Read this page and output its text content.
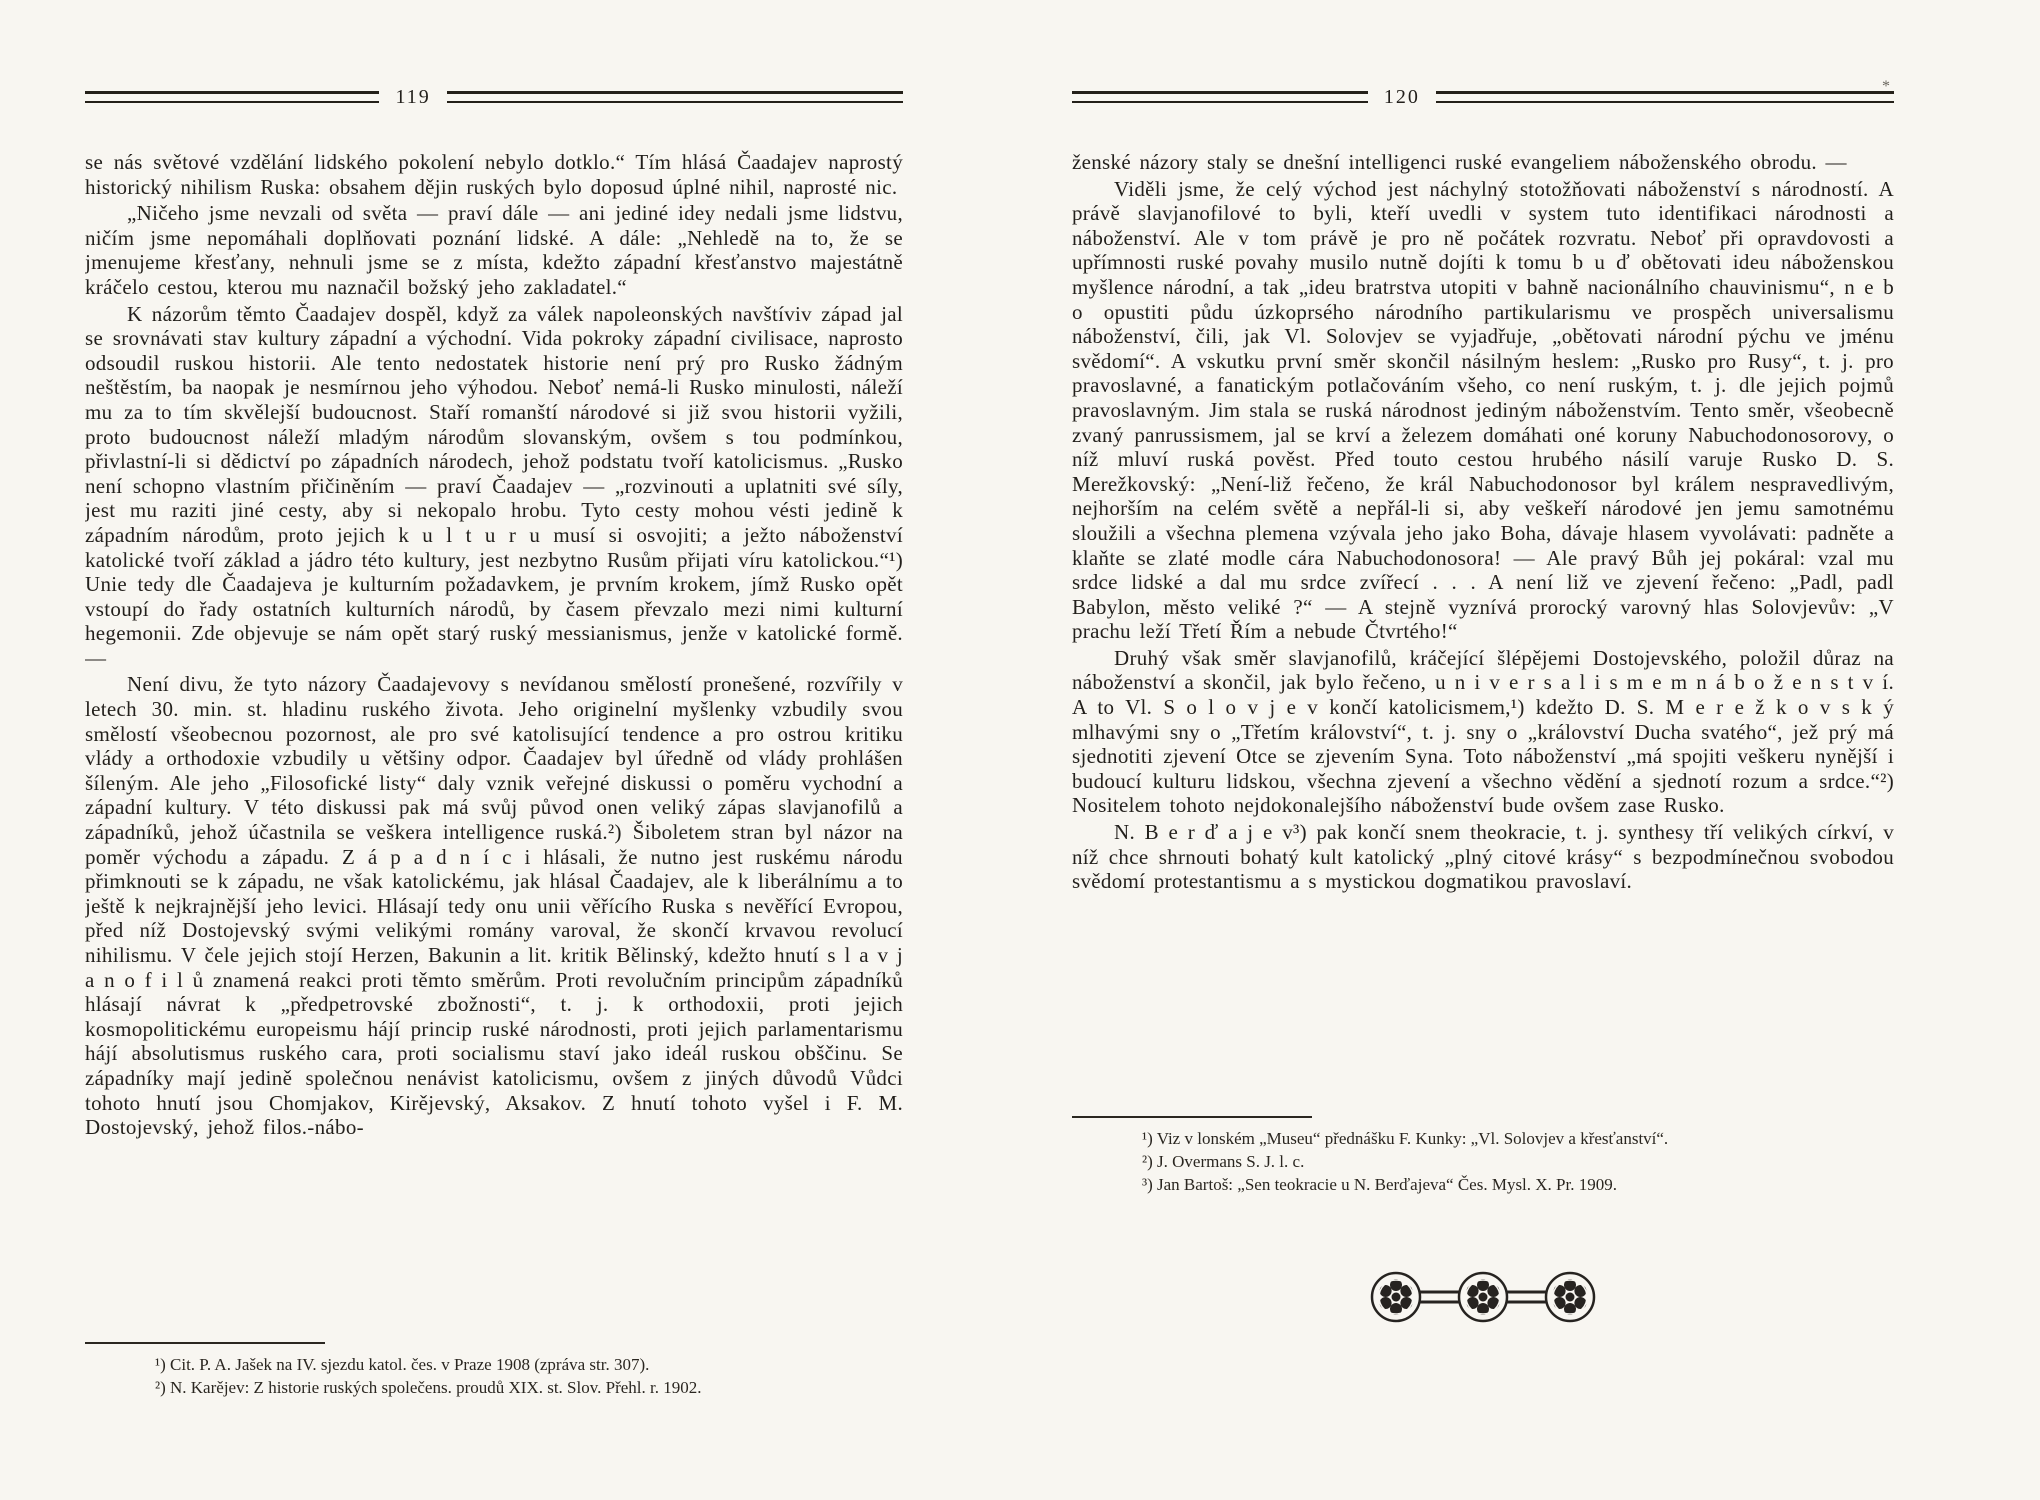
119

se nás světové vzdělání lidského pokolení nebylo dotklo.“ Tím hlásá Čaadajev naprostý historický nihilism Ruska: obsahem dějin ruských bylo doposud úplné nihil, naprosté nic.

„Ničeho jsme nevzali od světa — praví dále — ani jediné idey nedali jsme lidstvu, ničím jsme nepomáhali doplňovati poznání lidské. A dále: „Nehledě na to, že se jmenujeme křesťany, nehnuli jsme se z místa, kdežto západní křesťanstvo majestátně kráčelo cestou, kterou mu naznačil božský jeho zakladatel.“

K názorům těmto Čaadajev dospěl, když za válek napoleonských navštíviv západ jal se srovnávati stav kultury západní a východní. Vida pokroky západní civilisace, naprosto odsoudil ruskou historii. Ale tento nedostatek historie není prý pro Rusko žádným neštěstím, ba naopak je nesmírnou jeho výhodou. Neboť nemá-li Rusko minulosti, náleží mu za to tím skvělejší budoucnost. Staří romanští národové si již svou historii vyžili, proto budoucnost náleží mladým národům slovanským, ovšem s tou podmínkou, přivlastní-li si dědictví po západních národech, jehož podstatu tvoří katolicismus. „Rusko není schopno vlastním přičiněním — praví Čaadajev — „rozvinouti a uplatniti své síly, jest mu raziti jiné cesty, aby si nekopalo hrobu. Tyto cesty mohou vésti jedině k západním národům, proto jejich k u l t u r u musí si osvojiti; a ježto náboženství katolické tvoří základ a jádro této kultury, jest nezbytno Rusům přijati víru katolickou.“¹) Unie tedy dle Čaadajeva je kulturním požadavkem, je prvním krokem, jímž Rusko opět vstoupí do řady ostatních kulturních národů, by časem převzalo mezi nimi kulturní hegemonii. Zde objevuje se nám opět starý ruský messianismus, jenže v katolické formě. —

Není divu, že tyto názory Čaadajevovy s nevídanou smělostí pronešené, rozvířily v letech 30. min. st. hladinu ruského života. Jeho originelní myšlenky vzbudily svou smělostí všeobecnou pozornost, ale pro své katolisující tendence a pro ostrou kritiku vlády a orthodoxie vzbudily u většiny odpor. Čaadajev byl úředně od vlády prohlášen šíleným. Ale jeho „Filosofické listy“ daly vznik veřejné diskussi o poměru vychodní a západní kultury. V této diskussi pak má svůj původ onen veliký zápas slavjanofilů a západníků, jehož účastnila se veškera intelligence ruská.²) Šiboletem stran byl názor na poměr východu a západu. Z á p a d n í c i hlásali, že nutno jest ruskému národu přimknouti se k západu, ne však katolickému, jak hlásal Čaadajev, ale k liberálnímu a to ještě k nejkrajnější jeho levici. Hlásají tedy onu unii věřícího Ruska s nevěřící Evropou, před níž Dostojevský svými velikými romány varoval, že skončí krvavou revolucí nihilismu. V čele jejich stojí Herzen, Bakunin a lit. kritik Bělinský, kdežto hnutí s l a v j a n o f i l ů znamená reakci proti těmto směrům. Proti revolučním principům západníků hlásají návrat k „předpetrovské zbožnosti“, t. j. k orthodoxii, proti jejich kosmopolitickému europeismu hájí princip ruské národnosti, proti jejich parlamentarismu hájí absolutismus ruského cara, proti socialismu staví jako ideál ruskou obščinu. Se západníky mají jedině společnou nenávist katolicismu, ovšem z jiných důvodů Vůdci tohoto hnutí jsou Chomjakov, Kirějevský, Aksakov. Z hnutí tohoto vyšel i F. M. Dostojevský, jehož filos.-nábo-

¹) Cit. P. A. Jašek na IV. sjezdu katol. čes. v Praze 1908 (zpráva str. 307).

²) N. Karějev: Z historie ruských společens. proudů XIX. st. Slov. Přehl. r. 1902.

*
120

ženské názory staly se dnešní intelligenci ruské evangeliem náboženského obrodu. —

Viděli jsme, že celý východ jest náchylný stotožňovati náboženství s národností. A právě slavjanofilové to byli, kteří uvedli v system tuto identifikaci národnosti a náboženství. Ale v tom právě je pro ně počátek rozvratu. Neboť při opravdovosti a upřímnosti ruské povahy musilo nutně dojíti k tomu b u ď obětovati ideu náboženskou myšlence národní, a tak „ideu bratrstva utopiti v bahně nacionálního chauvinismu“, n e b o opustiti půdu úzkoprsého národního partikularismu ve prospěch universalismu náboženství, čili, jak Vl. Solovjev se vyjadřuje, „obětovati národní pýchu ve jménu svědomí“. A vskutku první směr skončil násilným heslem: „Rusko pro Rusy“, t. j. pro pravoslavné, a fanatickým potlačováním všeho, co není ruským, t. j. dle jejich pojmů pravoslavným. Jim stala se ruská národnost jediným náboženstvím. Tento směr, všeobecně zvaný panrussismem, jal se krví a železem domáhati oné koruny Nabuchodonosorovy, o níž mluví ruská pověst. Před touto cestou hrubého násilí varuje Rusko D. S. Merežkovský: „Není-liž řečeno, že král Nabuchodonosor byl králem nespravedlivým, nejhorším na celém světě a nepřál-li si, aby veškeří národové jen jemu samotnému sloužili a všechna plemena vzývala jeho jako Boha, dávaje hlasem vyvolávati: padněte a klaňte se zlaté modle cára Nabuchodonosora! — Ale pravý Bůh jej pokáral: vzal mu srdce lidské a dal mu srdce zvířecí . . . A není liž ve zjevení řečeno: „Padl, padl Babylon, město veliké ?“ — A stejně vyznívá prorocký varovný hlas Solovjevův: „V prachu leží Třetí Řím a nebude Čtvrtého!“

Druhý však směr slavjanofilů, kráčející šlépějemi Dostojevského, položil důraz na náboženství a skončil, jak bylo řečeno, u n i v e r s a l i s m e m n á b o ž e n s t v í. A to Vl. S o l o v j e v končí katolicismem,¹) kdežto D. S. M e r e ž k o v s k ý mlhavými sny o „Třetím království“, t. j. sny o „království Ducha svatého“, jež prý má sjednotiti zjevení Otce se zjevením Syna. Toto náboženství „má spojiti veškeru nynější i budoucí kulturu lidskou, všechna zjevení a všechno vědění a sjednotí rozum a srdce.“²) Nositelem tohoto nejdokonalejšího náboženství bude ovšem zase Rusko.

N. B e r ď a j e v³) pak končí snem theokracie, t. j. synthesy tří velikých církví, v níž chce shrnouti bohatý kult katolický „plný citové krásy“ s bezpodmínečnou svobodou svědomí protestantismu a s mystickou dogmatikou pravoslaví.

¹) Viz v lonském „Museu“ přednášku F. Kunky: „Vl. Solovjev a křesťanství“.

²) J. Overmans S. J. l. c.

³) Jan Bartoš: „Sen teokracie u N. Berďajeva“ Čes. Mysl. X. Pr. 1909.
